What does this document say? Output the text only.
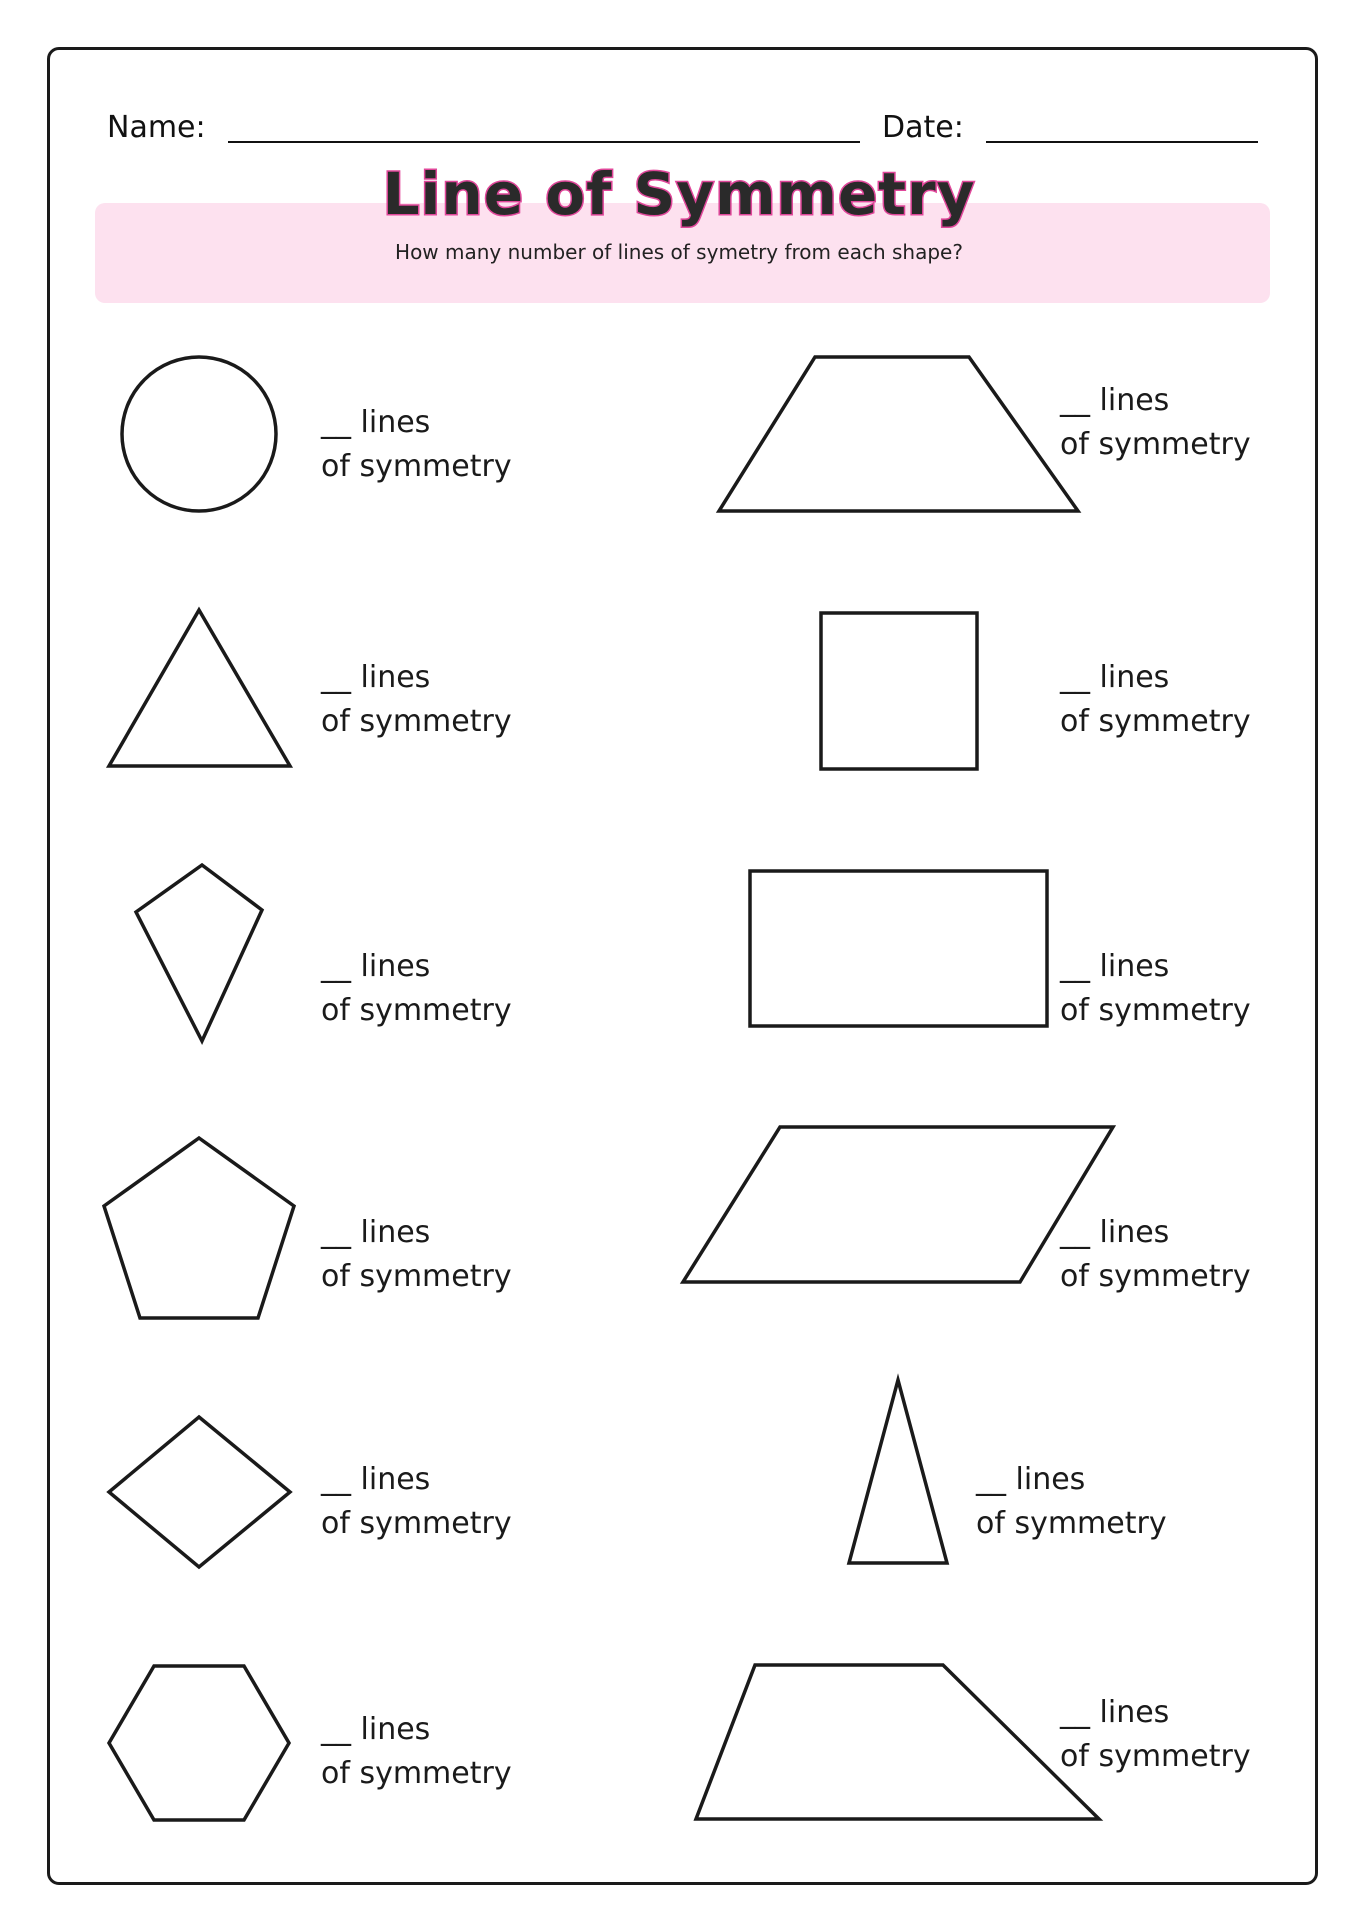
Name:	Date:
Line of Symmetry
How many number of lines of symetry from each shape?
__ lines
of symmetry
__ lines
of symmetry
__ lines
of symmetry
__ lines
of symmetry
__ lines
of symmetry
__ lines
of symmetry
__ lines
of symmetry
__ lines
of symmetry
__ lines
of symmetry
__ lines
of symmetry
__ lines
of symmetry
__ lines
of symmetry
